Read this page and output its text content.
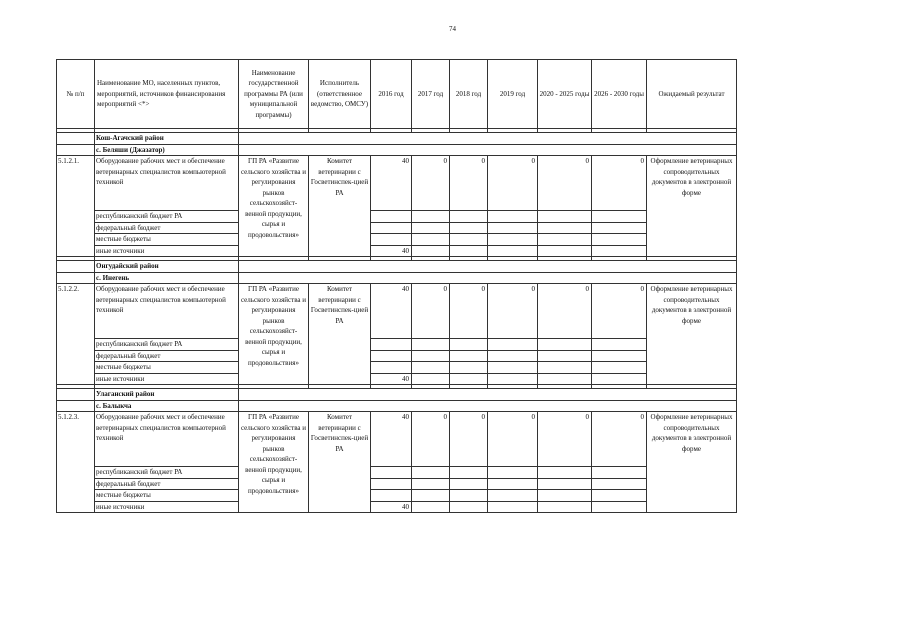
74
№ п/п	Наименование МО, населенных пунктов, мероприятий, источников финансирования мероприятий <*>	Наименование государственной программы РА (или муниципальной программы)	Исполнитель (ответственное ведомство, ОМСУ)	2016 год	2017 год	2018 год	2019 год	2020 - 2025 годы	2026 - 2030 годы	Ожидаемый результат

	Кош-Агачский район									
	с. Беляши (Джазатор)									
5.1.2.1.	Оборудование рабочих мест и обеспечение ветеринарных специалистов компьютерной техникой	ГП РА «Развитие сельского хозяйства и регулирования рынков сельскохозяйст-венной продукции, сырья и продовольствия»	Комитет ветеринарии с Госветинспек-цией РА	40	0	0	0	0	0	Оформление ветеринарных сопроводительных документов в электронной форме
	республиканский бюджет РА									
	федеральный бюджет									
	местные бюджеты									
	иные источники			40						

	Онгудайский район									
	с. Инегень									
5.1.2.2.	Оборудование рабочих мест и обеспечение ветеринарных специалистов компьютерной техникой	ГП РА «Развитие сельского хозяйства и регулирования рынков сельскохозяйст-венной продукции, сырья и продовольствия»	Комитет ветеринарии с Госветинспек-цией РА	40	0	0	0	0	0	Оформление ветеринарных сопроводительных документов в электронной форме
	республиканский бюджет РА									
	федеральный бюджет									
	местные бюджеты									
	иные источники			40						

	Улаганский район									
	с. Балыкча									
5.1.2.3.	Оборудование рабочих мест и обеспечение ветеринарных специалистов компьютерной техникой	ГП РА «Развитие сельского хозяйства и регулирования рынков сельскохозяйст-венной продукции, сырья и продовольствия»	Комитет ветеринарии с Госветинспек-цией РА	40	0	0	0	0	0	Оформление ветеринарных сопроводительных документов в электронной форме
	республиканский бюджет РА									
	федеральный бюджет									
	местные бюджеты									
	иные источники			40						
